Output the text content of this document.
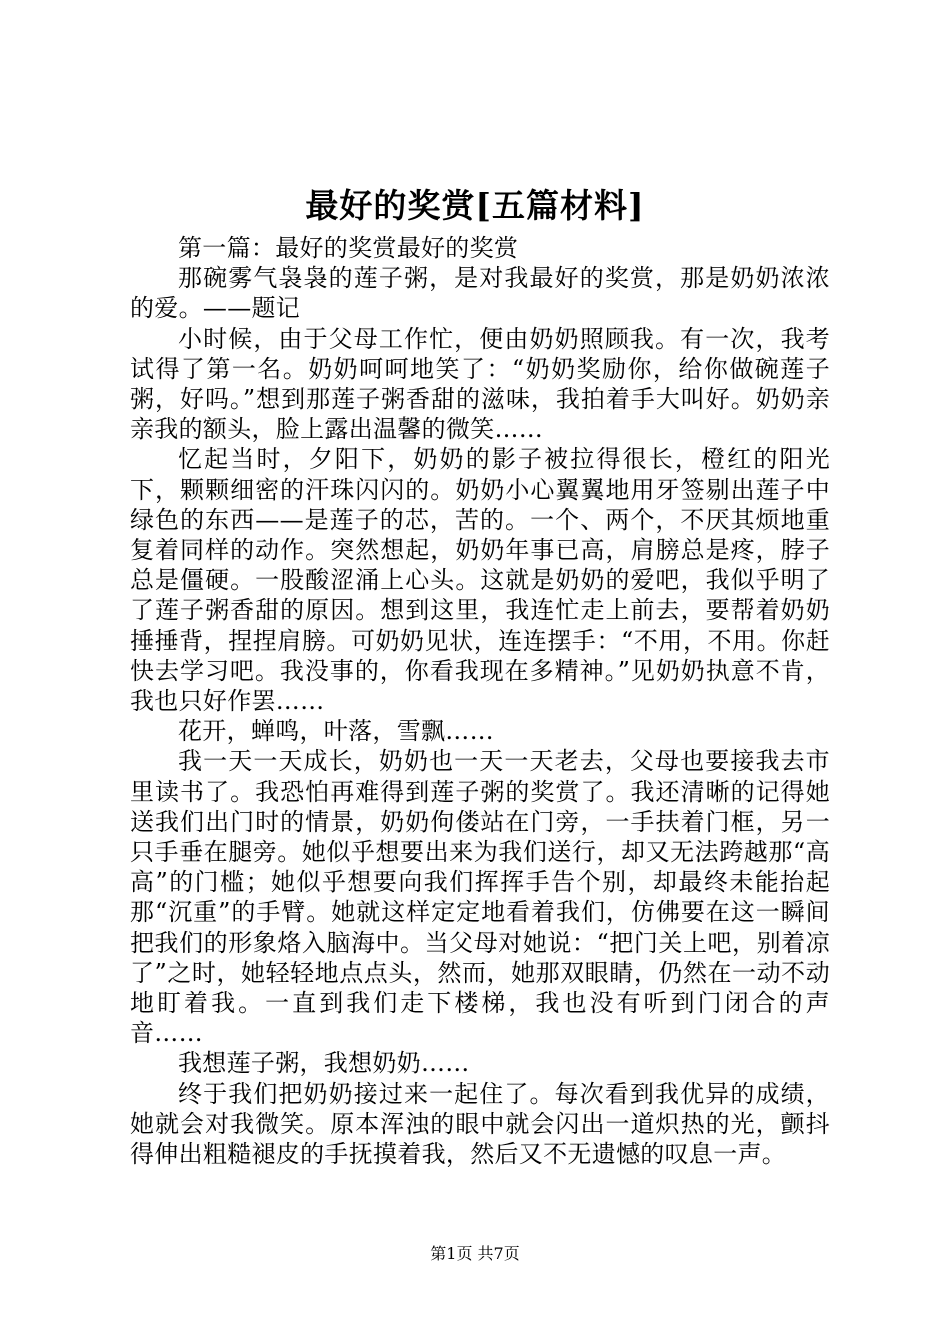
最好的奖赏[五篇材料]

第一篇：最好的奖赏最好的奖赏

那碗雾气袅袅的莲子粥，是对我最好的奖赏，那是奶奶浓浓的爱。——题记

小时候，由于父母工作忙，便由奶奶照顾我。有一次，我考试得了第一名。奶奶呵呵地笑了：“奶奶奖励你，给你做碗莲子粥，好吗。”想到那莲子粥香甜的滋味，我拍着手大叫好。奶奶亲亲我的额头，脸上露出温馨的微笑……

忆起当时，夕阳下，奶奶的影子被拉得很长，橙红的阳光下，颗颗细密的汗珠闪闪的。奶奶小心翼翼地用牙签剔出莲子中绿色的东西——是莲子的芯，苦的。一个、两个，不厌其烦地重复着同样的动作。突然想起，奶奶年事已高，肩膀总是疼，脖子总是僵硬。一股酸涩涌上心头。这就是奶奶的爱吧，我似乎明了了莲子粥香甜的原因。想到这里，我连忙走上前去，要帮着奶奶捶捶背，捏捏肩膀。可奶奶见状，连连摆手：“不用，不用。你赶快去学习吧。我没事的，你看我现在多精神。”见奶奶执意不肯，我也只好作罢……

花开，蝉鸣，叶落，雪飘……

我一天一天成长，奶奶也一天一天老去，父母也要接我去市里读书了。我恐怕再难得到莲子粥的奖赏了。我还清晰的记得她送我们出门时的情景，奶奶佝偻站在门旁，一手扶着门框，另一只手垂在腿旁。她似乎想要出来为我们送行，却又无法跨越那“高高”的门槛；她似乎想要向我们挥挥手告个别，却最终未能抬起那“沉重”的手臂。她就这样定定地看着我们，仿佛要在这一瞬间把我们的形象烙入脑海中。当父母对她说：“把门关上吧，别着凉了”之时，她轻轻地点点头，然而，她那双眼睛，仍然在一动不动地盯着我。一直到我们走下楼梯，我也没有听到门闭合的声音……

我想莲子粥，我想奶奶……

终于我们把奶奶接过来一起住了。每次看到我优异的成绩，她就会对我微笑。原本浑浊的眼中就会闪出一道炽热的光，颤抖得伸出粗糙褪皮的手抚摸着我，然后又不无遗憾的叹息一声。

第1页 共7页
